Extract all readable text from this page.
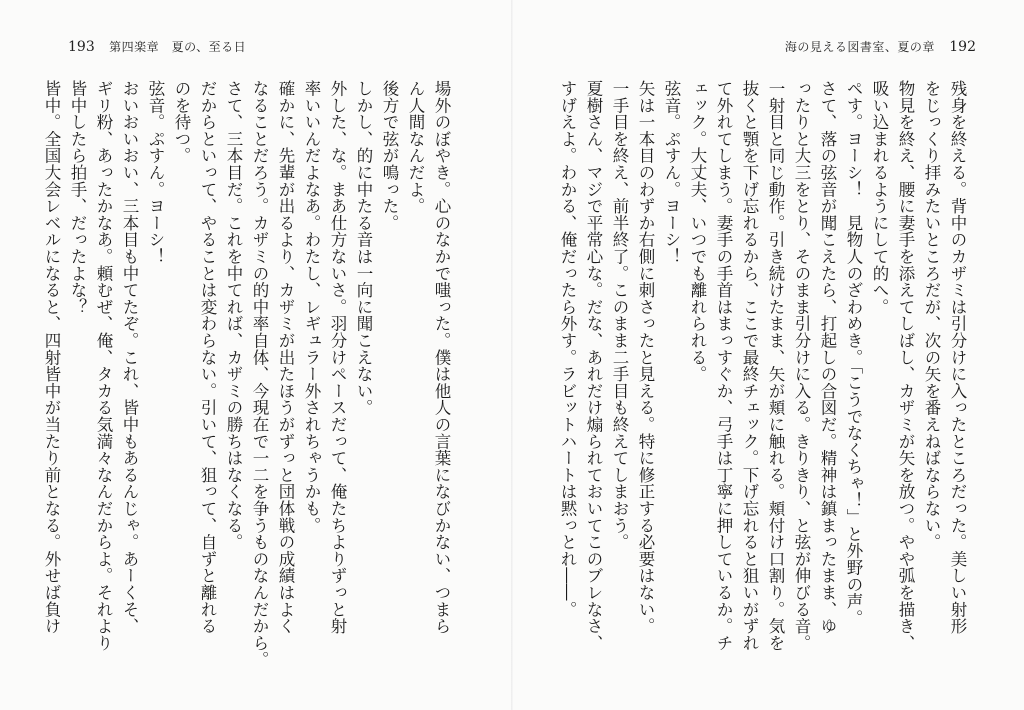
193 第四楽章　夏の、至る日
場外のぼやき。心のなかで嗤った。僕は他人の言葉になびかない、つまら
ん人間なんだよ。
後方で弦が鳴った。
しかし、的に中たる音は一向に聞こえない。
外した、な。まあ仕方ないさ。羽分けペースだって、俺たちよりずっと射
率いいんだよなあ。わたし、レギュラー外されちゃうかも。
確かに、先輩が出るより、カザミが出たほうがずっと団体戦の成績はよく
なることだろう。カザミの的中率自体、今現在で一二を争うものなんだから。
さて、三本目だ。これを中てれば、カザミの勝ちはなくなる。
だからといって、やることは変わらない。引いて、狙って、自ずと離れる
のを待つ。
弦音。ぷすん。ヨーシ！
おいおいおい、三本目も中てたぞ。これ、皆中もあるんじゃ。あーくそ、
ギリ粉、あったかなあ。頼むぜ、俺、タカる気満々なんだからよ。それより
皆中したら拍手、だったよな？
皆中。全国大会レベルになると、四射皆中が当たり前となる。外せば負け
海の見える図書室、夏の章 192
残身を終える。背中のカザミは引分けに入ったところだった。美しい射形
をじっくり拝みたいところだが、次の矢を番えねばならない。
物見を終え、腰に妻手を添えてしばし、カザミが矢を放つ。やや弧を描き、
吸い込まれるようにして的へ。
ペす。ヨーシ！　見物人のざわめき。「こうでなくちゃ！」と外野の声。
さて、落の弦音が聞こえたら、打起しの合図だ。精神は鎮まったまま、ゆ
ったりと大三をとり、そのまま引分けに入る。きりきり、と弦が伸びる音。
一射目と同じ動作。引き続けたまま、矢が頬に触れる。頬付け口割り。気を
抜くと顎を下げ忘れるから、ここで最終チェック。下げ忘れると狙いがずれ
て外れてしまう。妻手の手首はまっすぐか、弓手は丁寧に押しているか。チ
ェック。大丈夫、いつでも離れられる。
弦音。ぷすん。ヨーシ！
矢は一本目のわずか右側に刺さったと見える。特に修正する必要はない。
一手目を終え、前半終了。このまま二手目も終えてしまおう。
夏樹さん、マジで平常心な。だな、あれだけ煽られておいてこのブレなさ、
すげえよ。わかる、俺だったら外す。ラビットハートは黙っとれ――。
